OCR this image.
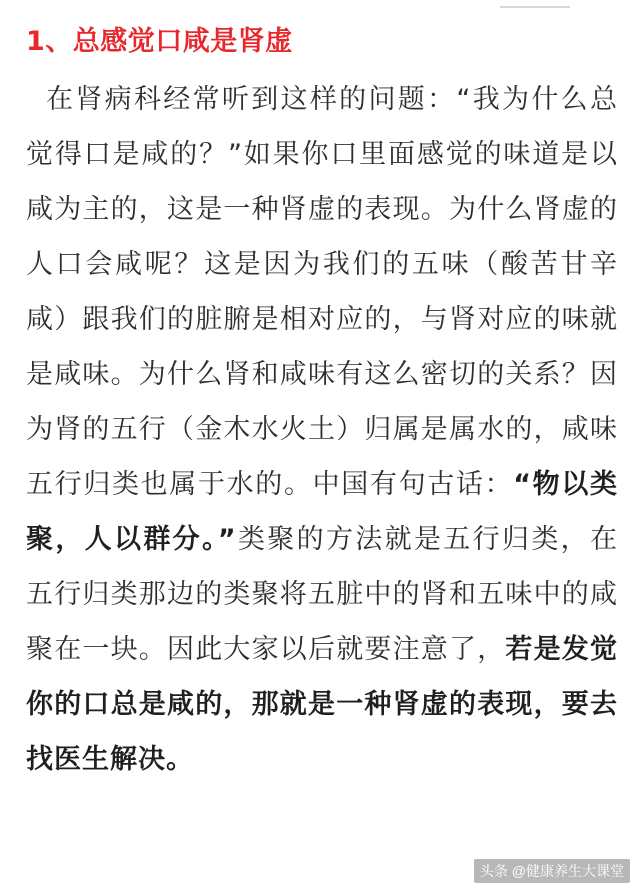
1、总感觉口咸是肾虚

在肾病科经常听到这样的问题：“我为什么总觉得口是咸的？”如果你口里面感觉的味道是以咸为主的，这是一种肾虚的表现。为什么肾虚的人口会咸呢？这是因为我们的五味（酸苦甘辛咸）跟我们的脏腑是相对应的，与肾对应的味就是咸味。为什么肾和咸味有这么密切的关系？因为肾的五行（金木水火土）归属是属水的，咸味五行归类也属于水的。中国有句古话：“物以类聚，人以群分。”类聚的方法就是五行归类，在五行归类那边的类聚将五脏中的肾和五味中的咸聚在一块。因此大家以后就要注意了，若是发觉你的口总是咸的，那就是一种肾虚的表现，要去找医生解决。

头条 @健康养生大课堂
